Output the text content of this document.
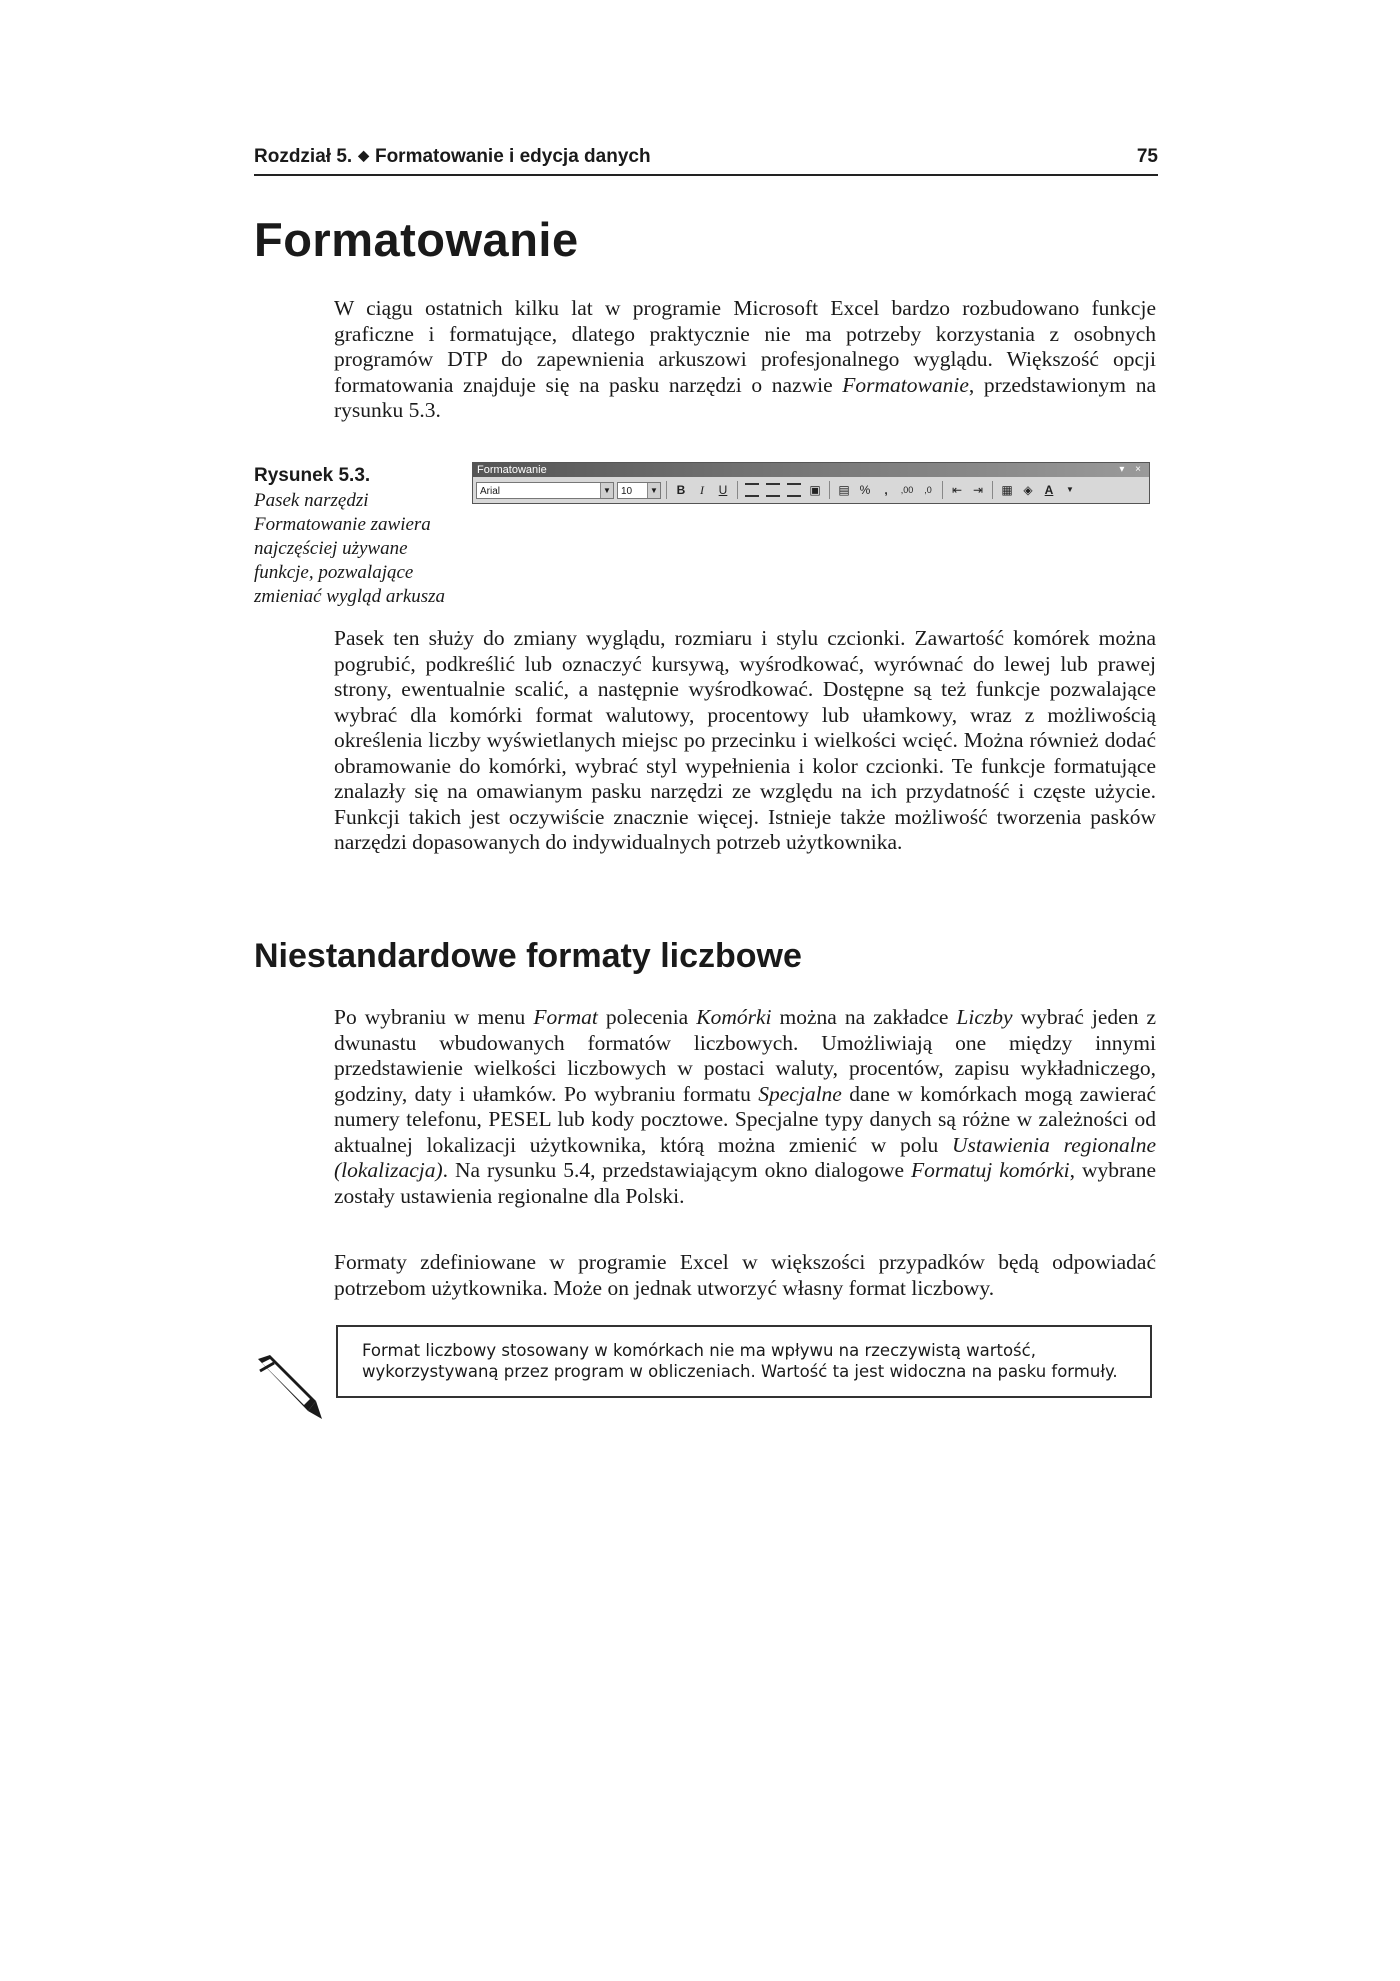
Rozdział 5. ◆ Formatowanie i edycja danych	75
Formatowanie

W ciągu ostatnich kilku lat w programie Microsoft Excel bardzo rozbudowano funkcje graficzne i formatujące, dlatego praktycznie nie ma potrzeby korzystania z osobnych programów DTP do zapewnienia arkuszowi profesjonalnego wyglądu. Większość opcji formatowania znajduje się na pasku narzędzi o nazwie Formatowanie, przedstawionym na rysunku 5.3.

Rysunek 5.3.
Pasek narzędzi Formatowanie zawiera najczęściej używane funkcje, pozwalające zmieniać wygląd arkusza
Formatowanie	▾ ×
Arial	▼	10	▼	B	I	U	▣ ▤ %	,	,00	,0	⇤ ⇥	▦ ◈	A	▼

Pasek ten służy do zmiany wyglądu, rozmiaru i stylu czcionki. Zawartość komórek można pogrubić, podkreślić lub oznaczyć kursywą, wyśrodkować, wyrównać do lewej lub prawej strony, ewentualnie scalić, a następnie wyśrodkować. Dostępne są też funkcje pozwalające wybrać dla komórki format walutowy, procentowy lub ułamkowy, wraz z możliwością określenia liczby wyświetlanych miejsc po przecinku i wielkości wcięć. Można również dodać obramowanie do komórki, wybrać styl wypełnienia i kolor czcionki. Te funkcje formatujące znalazły się na omawianym pasku narzędzi ze względu na ich przydatność i częste użycie. Funkcji takich jest oczywiście znacznie więcej. Istnieje także możliwość tworzenia pasków narzędzi dopasowanych do indywidualnych potrzeb użytkownika.

Niestandardowe formaty liczbowe

Po wybraniu w menu Format polecenia Komórki można na zakładce Liczby wybrać jeden z dwunastu wbudowanych formatów liczbowych. Umożliwiają one między innymi przedstawienie wielkości liczbowych w postaci waluty, procentów, zapisu wykładniczego, godziny, daty i ułamków. Po wybraniu formatu Specjalne dane w komórkach mogą zawierać numery telefonu, PESEL lub kody pocztowe. Specjalne typy danych są różne w zależności od aktualnej lokalizacji użytkownika, którą można zmienić w polu Ustawienia regionalne (lokalizacja). Na rysunku 5.4, przedstawiającym okno dialogowe Formatuj komórki, wybrane zostały ustawienia regionalne dla Polski.

Formaty zdefiniowane w programie Excel w większości przypadków będą odpowiadać potrzebom użytkownika. Może on jednak utworzyć własny format liczbowy.

Format liczbowy stosowany w komórkach nie ma wpływu na rzeczywistą wartość, wykorzystywaną przez program w obliczeniach. Wartość ta jest widoczna na pasku formuły.
